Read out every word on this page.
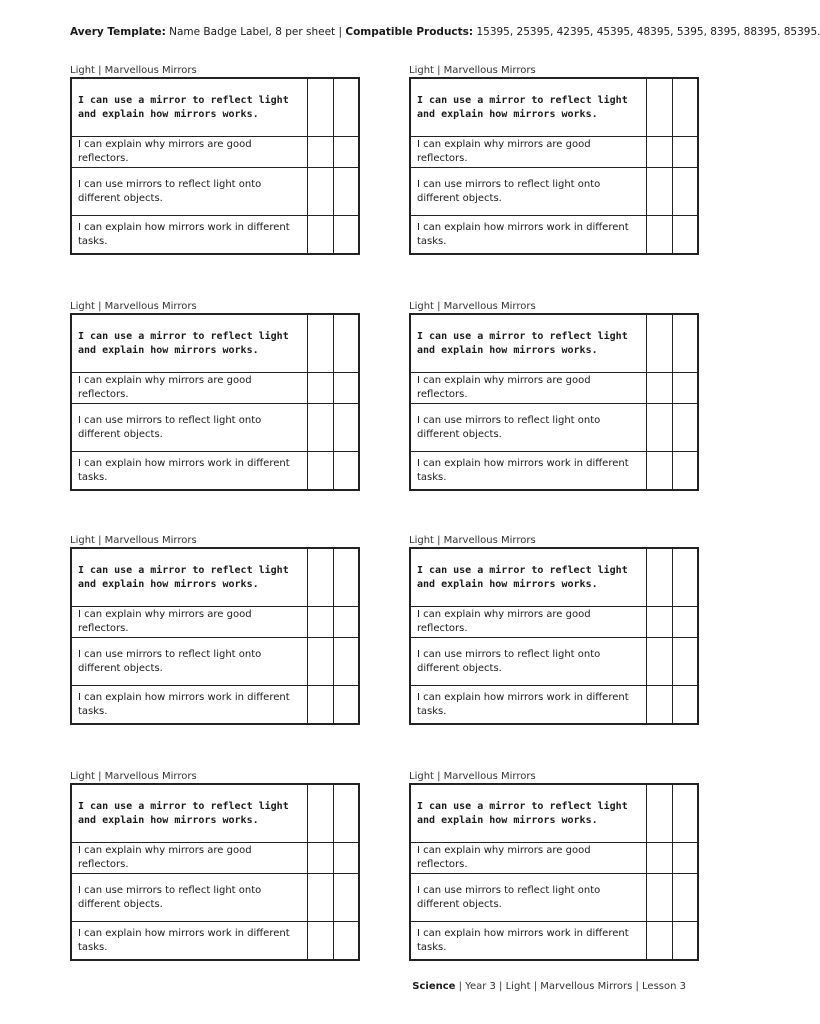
Avery Template: Name Badge Label, 8 per sheet | Compatible Products: 15395, 25395, 42395, 45395, 48395, 5395, 8395, 88395, 85395.
Light | Marvellous Mirrors
I can use a mirror to reflect light and explain how mirrors works.		
I can explain why mirrors are good reflectors.		
I can use mirrors to reflect light onto different objects.		
I can explain how mirrors work in different tasks.		
Light | Marvellous Mirrors
I can use a mirror to reflect light and explain how mirrors works.		
I can explain why mirrors are good reflectors.		
I can use mirrors to reflect light onto different objects.		
I can explain how mirrors work in different tasks.		
Light | Marvellous Mirrors
I can use a mirror to reflect light and explain how mirrors works.		
I can explain why mirrors are good reflectors.		
I can use mirrors to reflect light onto different objects.		
I can explain how mirrors work in different tasks.		
Light | Marvellous Mirrors
I can use a mirror to reflect light and explain how mirrors works.		
I can explain why mirrors are good reflectors.		
I can use mirrors to reflect light onto different objects.		
I can explain how mirrors work in different tasks.		
Light | Marvellous Mirrors
I can use a mirror to reflect light and explain how mirrors works.		
I can explain why mirrors are good reflectors.		
I can use mirrors to reflect light onto different objects.		
I can explain how mirrors work in different tasks.		
Light | Marvellous Mirrors
I can use a mirror to reflect light and explain how mirrors works.		
I can explain why mirrors are good reflectors.		
I can use mirrors to reflect light onto different objects.		
I can explain how mirrors work in different tasks.		
Light | Marvellous Mirrors
I can use a mirror to reflect light and explain how mirrors works.		
I can explain why mirrors are good reflectors.		
I can use mirrors to reflect light onto different objects.		
I can explain how mirrors work in different tasks.		
Light | Marvellous Mirrors
I can use a mirror to reflect light and explain how mirrors works.		
I can explain why mirrors are good reflectors.		
I can use mirrors to reflect light onto different objects.		
I can explain how mirrors work in different tasks.		
Science | Year 3 | Light | Marvellous Mirrors | Lesson 3
